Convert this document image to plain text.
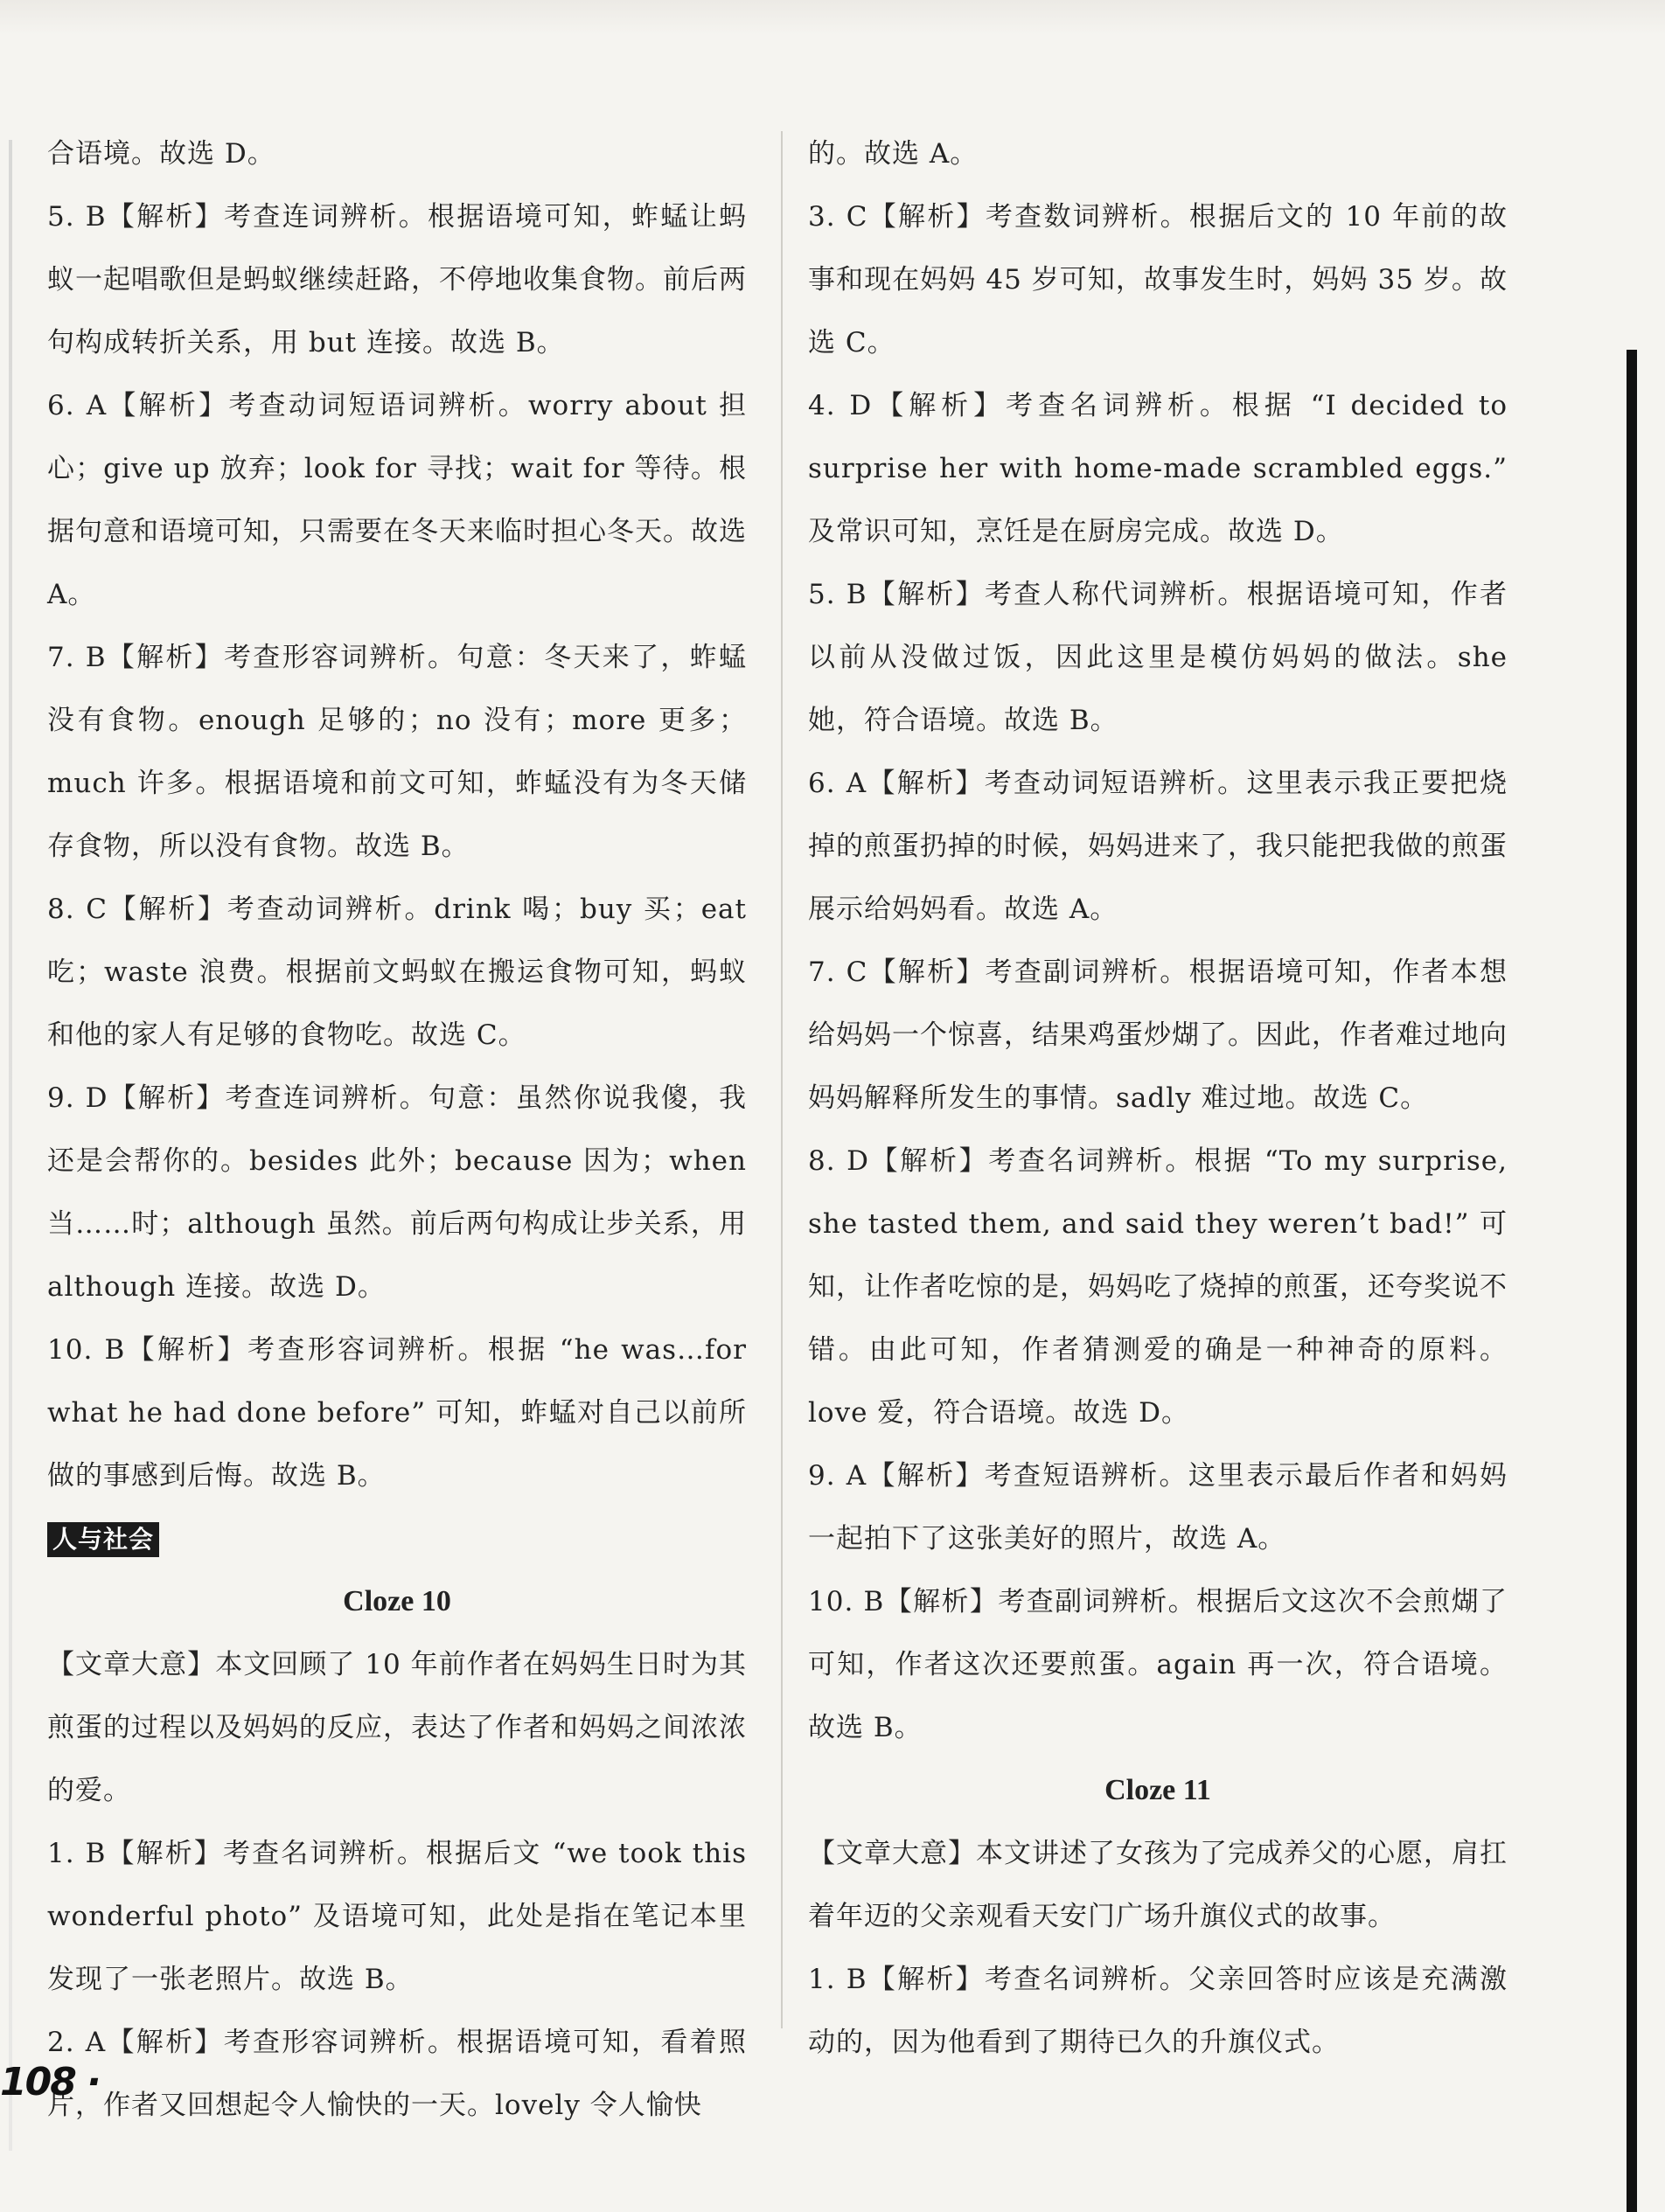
合语境。故选 D。

5. B【解析】考查连词辨析。根据语境可知，蚱蜢让蚂蚁一起唱歌但是蚂蚁继续赶路，不停地收集食物。前后两句构成转折关系，用 but 连接。故选 B。

6. A【解析】考查动词短语词辨析。worry about 担心；give up 放弃；look for 寻找；wait for 等待。根据句意和语境可知，只需要在冬天来临时担心冬天。故选 A。

7. B【解析】考查形容词辨析。句意：冬天来了，蚱蜢没有食物。enough 足够的；no 没有；more 更多；much 许多。根据语境和前文可知，蚱蜢没有为冬天储存食物，所以没有食物。故选 B。

8. C【解析】考查动词辨析。drink 喝；buy 买；eat 吃；waste 浪费。根据前文蚂蚁在搬运食物可知，蚂蚁和他的家人有足够的食物吃。故选 C。

9. D【解析】考查连词辨析。句意：虽然你说我傻，我还是会帮你的。besides 此外；because 因为；when 当……时；although 虽然。前后两句构成让步关系，用 although 连接。故选 D。

10. B【解析】考查形容词辨析。根据 “he was…for what he had done before” 可知，蚱蜢对自己以前所做的事感到后悔。故选 B。

人与社会

Cloze 10

【文章大意】本文回顾了 10 年前作者在妈妈生日时为其煎蛋的过程以及妈妈的反应，表达了作者和妈妈之间浓浓的爱。

1. B【解析】考查名词辨析。根据后文 “we took this wonderful photo” 及语境可知，此处是指在笔记本里发现了一张老照片。故选 B。

2. A【解析】考查形容词辨析。根据语境可知，看着照片，作者又回想起令人愉快的一天。lovely 令人愉快

的。故选 A。

3. C【解析】考查数词辨析。根据后文的 10 年前的故事和现在妈妈 45 岁可知，故事发生时，妈妈 35 岁。故选 C。

4. D【解析】考查名词辨析。根据 “I decided to surprise her with home-made scrambled eggs.” 及常识可知，烹饪是在厨房完成。故选 D。

5. B【解析】考查人称代词辨析。根据语境可知，作者以前从没做过饭，因此这里是模仿妈妈的做法。she 她，符合语境。故选 B。

6. A【解析】考查动词短语辨析。这里表示我正要把烧掉的煎蛋扔掉的时候，妈妈进来了，我只能把我做的煎蛋展示给妈妈看。故选 A。

7. C【解析】考查副词辨析。根据语境可知，作者本想给妈妈一个惊喜，结果鸡蛋炒煳了。因此，作者难过地向妈妈解释所发生的事情。sadly 难过地。故选 C。

8. D【解析】考查名词辨析。根据 “To my surprise, she tasted them, and said they weren’t bad!” 可知，让作者吃惊的是，妈妈吃了烧掉的煎蛋，还夸奖说不错。由此可知，作者猜测爱的确是一种神奇的原料。love 爱，符合语境。故选 D。

9. A【解析】考查短语辨析。这里表示最后作者和妈妈一起拍下了这张美好的照片，故选 A。

10. B【解析】考查副词辨析。根据后文这次不会煎煳了可知，作者这次还要煎蛋。again 再一次，符合语境。故选 B。

Cloze 11

【文章大意】本文讲述了女孩为了完成养父的心愿，肩扛着年迈的父亲观看天安门广场升旗仪式的故事。

1. B【解析】考查名词辨析。父亲回答时应该是充满激动的，因为他看到了期待已久的升旗仪式。

108 ·
